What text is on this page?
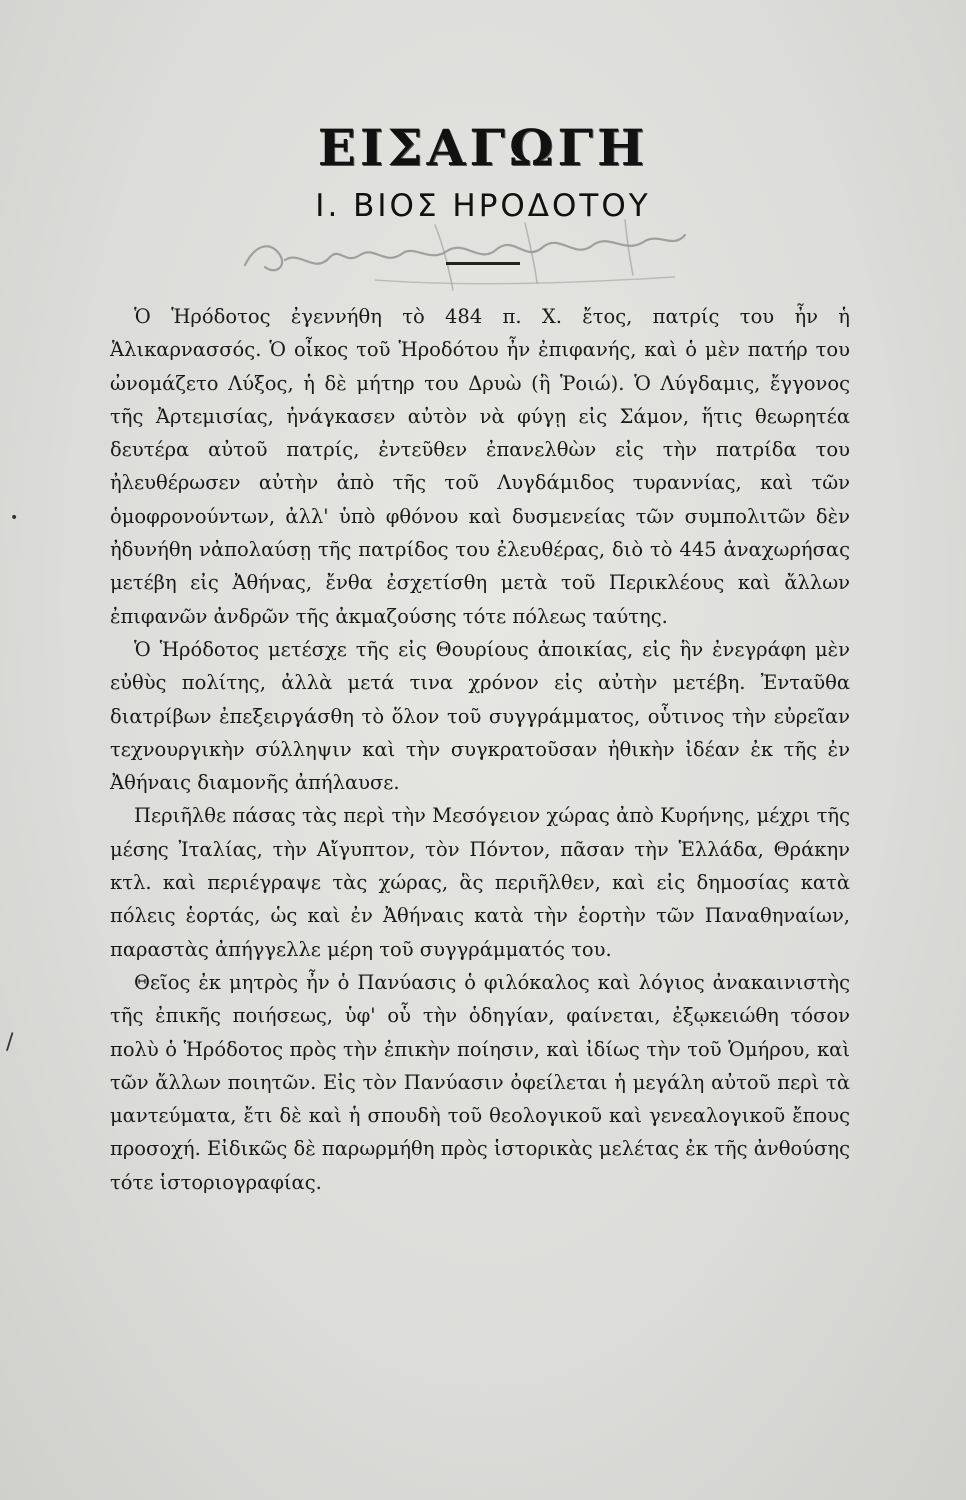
ΕΙΣΑΓΩΓΗ
Ι. ΒΙΟΣ ΗΡΟΔΟΤΟΥ

Ὁ Ἡρόδοτος ἐγεννήθη τὸ 484 π. Χ. ἔτος, πατρίς του ἦν ἡ Ἁλικαρνασσός. Ὁ οἶκος τοῦ Ἡροδότου ἦν ἐπιφανής, καὶ ὁ μὲν πατήρ του ὠνομάζετο Λύξος, ἡ δὲ μήτηρ του Δρυὼ (ἢ Ῥοιώ). Ὁ Λύγδαμις, ἔγγονος τῆς Ἀρτεμισίας, ἠνάγκασεν αὐτὸν νὰ φύγῃ εἰς Σάμον, ἥτις θεωρητέα δευτέρα αὐτοῦ πατρίς, ἐντεῦθεν ἐπανελθὼν εἰς τὴν πατρίδα του ἠλευθέρωσεν αὐτὴν ἀπὸ τῆς τοῦ Λυγδάμιδος τυραννίας, καὶ τῶν ὁμοφρονούντων, ἀλλ' ὑπὸ φθόνου καὶ δυσμενείας τῶν συμπολιτῶν δὲν ἠδυνήθη νἀπολαύσῃ τῆς πατρίδος του ἐλευθέρας, διὸ τὸ 445 ἀναχωρήσας μετέβη εἰς Ἀθήνας, ἔνθα ἐσχετίσθη μετὰ τοῦ Περικλέους καὶ ἄλλων ἐπιφανῶν ἀνδρῶν τῆς ἀκμαζούσης τότε πόλεως ταύτης.

Ὁ Ἡρόδοτος μετέσχε τῆς εἰς Θουρίους ἀποικίας, εἰς ἣν ἐνεγράφη μὲν εὐθὺς πολίτης, ἀλλὰ μετά τινα χρόνον εἰς αὐτὴν μετέβη. Ἐνταῦθα διατρίβων ἐπεξειργάσθη τὸ ὅλον τοῦ συγγράμματος, οὗτινος τὴν εὐρεῖαν τεχνουργικὴν σύλληψιν καὶ τὴν συγκρατοῦσαν ἠθικὴν ἰδέαν ἐκ τῆς ἐν Ἀθήναις διαμονῆς ἀπήλαυσε.

Περιῆλθε πάσας τὰς περὶ τὴν Μεσόγειον χώρας ἀπὸ Κυρήνης, μέχρι τῆς μέσης Ἰταλίας, τὴν Αἴγυπτον, τὸν Πόντον, πᾶσαν τὴν Ἑλλάδα, Θράκην κτλ. καὶ περιέγραψε τὰς χώρας, ἃς περιῆλθεν, καὶ εἰς δημοσίας κατὰ πόλεις ἑορτάς, ὡς καὶ ἐν Ἀθήναις κατὰ τὴν ἑορτὴν τῶν Παναθηναίων, παραστὰς ἀπήγγελλε μέρη τοῦ συγγράμματός του.

Θεῖος ἐκ μητρὸς ἦν ὁ Πανύασις ὁ φιλόκαλος καὶ λόγιος ἀνακαινιστὴς τῆς ἐπικῆς ποιήσεως, ὑφ' οὗ τὴν ὁδηγίαν, φαίνεται, ἐξῳκειώθη τόσον πολὺ ὁ Ἡρόδοτος πρὸς τὴν ἐπικὴν ποίησιν, καὶ ἰδίως τὴν τοῦ Ὁμήρου, καὶ τῶν ἄλλων ποιητῶν. Εἰς τὸν Πανύασιν ὀφείλεται ἡ μεγάλη αὐτοῦ περὶ τὰ μαντεύματα, ἔτι δὲ καὶ ἡ σπουδὴ τοῦ θεολογικοῦ καὶ γενεαλογικοῦ ἔπους προσοχή. Εἰδικῶς δὲ παρωρμήθη πρὸς ἱστορικὰς μελέτας ἐκ τῆς ἀνθούσης τότε ἱστοριογραφίας.

•
/
